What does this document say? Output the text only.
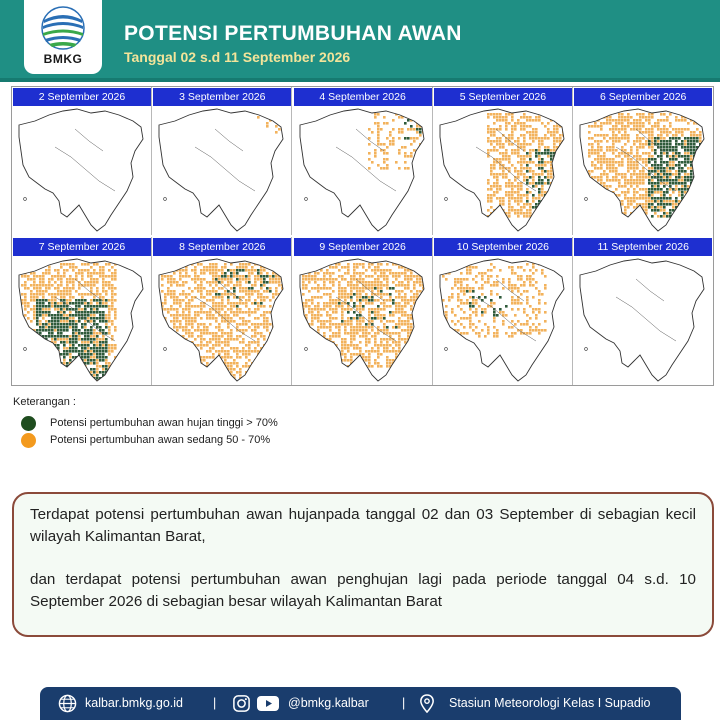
BMKG
POTENSI PERTUMBUHAN AWAN
Tanggal 02 s.d 11 September 2026
2 September 2026	3 September 2026	4 September 2026	5 September 2026	6 September 2026
7 September 2026	8 September 2026	9 September 2026	10 September 2026	11 September 2026
Keterangan :
Potensi pertumbuhan awan hujan tinggi > 70%
Potensi pertumbuhan awan sedang 50 - 70%

Terdapat potensi pertumbuhan awan hujanpada tanggal 02 dan 03 September di sebagian kecil wilayah Kalimantan Barat,

dan terdapat potensi pertumbuhan awan penghujan lagi pada periode tanggal 04 s.d. 10 September 2026 di sebagian besar wilayah Kalimantan Barat

kalbar.bmkg.go.id |	@bmkg.kalbar	|	Stasiun Meteorologi Kelas I Supadio
